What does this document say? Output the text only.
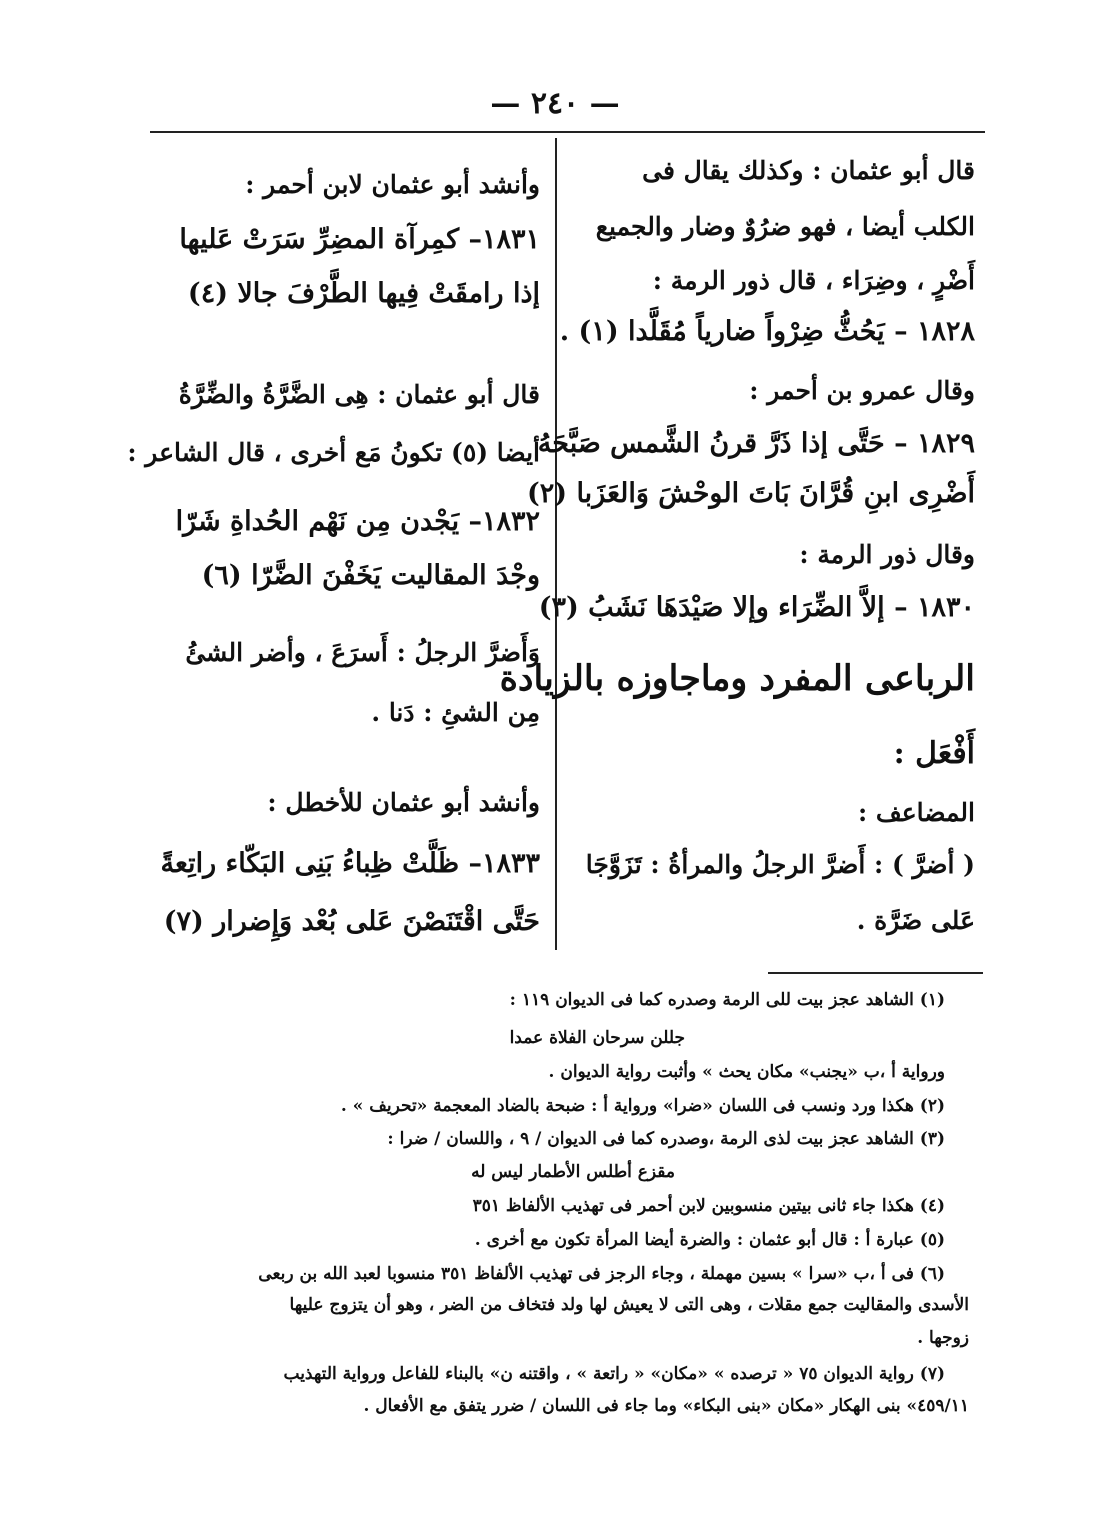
— ٢٤٠ —
قال أبو عثمان : وكذلك يقال فى
الكلب أيضا ، فهو ضرُوٌ وضار والجميع
أَضْرٍ ، وضِرَاء ، قال ذور الرمة :
١٨٢٨ – يَحُثُّ ضِرْواً ضارياً مُقَلَّدا (١) .
وقال عمرو بن أحمر :
١٨٢٩ – حَتَّى إذا ذَرَّ قرنُ الشَّمس صَبَّحَهُ
أَضْرِى ابنِ قُرَّانَ بَاتَ الوحْشَ وَالعَزَبا (٢)
وقال ذور الرمة :
١٨٣٠ – إلاَّ الضِّرَاء وإلا صَيْدَهَا نَشَبُ (٣)
الرباعى المفرد وماجاوزه بالزيادة
أَفْعَل :
المضاعف :
( أضرَّ ) : أَضرَّ الرجلُ والمرأةُ : تَزَوَّجَا
عَلى ضَرَّة .
وأنشد أبو عثمان لابن أحمر :
١٨٣١– كمِرآة المضِرِّ سَرَتْ عَليها
إذا رامقَتْ فِيها الطَّرْفَ جالا (٤)
قال أبو عثمان : هِى الضَّرَّةُ والضِّرَّةُ
أيضا (٥) تكونُ مَع أخرى ، قال الشاعر :
١٨٣٢– يَجْدن مِن نَهْم الحُداةِ شَرّا
وجْدَ المقاليت يَخَفْنَ الضَّرّا (٦)
وَأَضرَّ الرجلُ : أَسرَعَ ، وأضر الشئُ
مِن الشئِ : دَنا .
وأنشد أبو عثمان للأخطل :
١٨٣٣– ظَلَّتْ ظِباءُ بَنِى البَكّاء راتِعةً
حَتَّى اقْتَنَصْنَ عَلى بُعْد وَإِضرار (٧)
(١) الشاهد عجز بيت للى الرمة وصدره كما فى الديوان ١١٩ :
جللن سرحان الفلاة عمدا
ورواية أ ،ب «يجنب» مكان يحث » وأثبت رواية الديوان .
(٢) هكذا ورد ونسب فى اللسان «ضرا» ورواية أ : ضبحة بالضاد المعجمة «تحريف » .
(٣) الشاهد عجز بيت لذى الرمة ،وصدره كما فى الديوان / ٩ ، واللسان / ضرا :
مقزع أطلس الأطمار ليس له
(٤) هكذا جاء ثانى بيتين منسوبين لابن أحمر فى تهذيب الألفاظ ٣٥١
(٥) عبارة أ : قال أبو عثمان : والضرة أيضا المرأة تكون مع أخرى .
(٦) فى أ ،ب «سرا » بسين مهملة ، وجاء الرجز فى تهذيب الألفاظ ٣٥١ منسوبا لعبد الله بن ربعى
الأسدى والمقاليت جمع مقلات ، وهى التى لا يعيش لها ولد فتخاف من الضر ، وهو أن يتزوج عليها
زوجها .
(٧) رواية الديوان ٧٥ « ترصده » «مكان» « راتعة » ، واقتنه ن» بالبناء للفاعل ورواية التهذيب
٤٥٩/١١» بنى الهكار «مكان «بنى البكاء» وما جاء فى اللسان / ضرر يتفق مع الأفعال .
